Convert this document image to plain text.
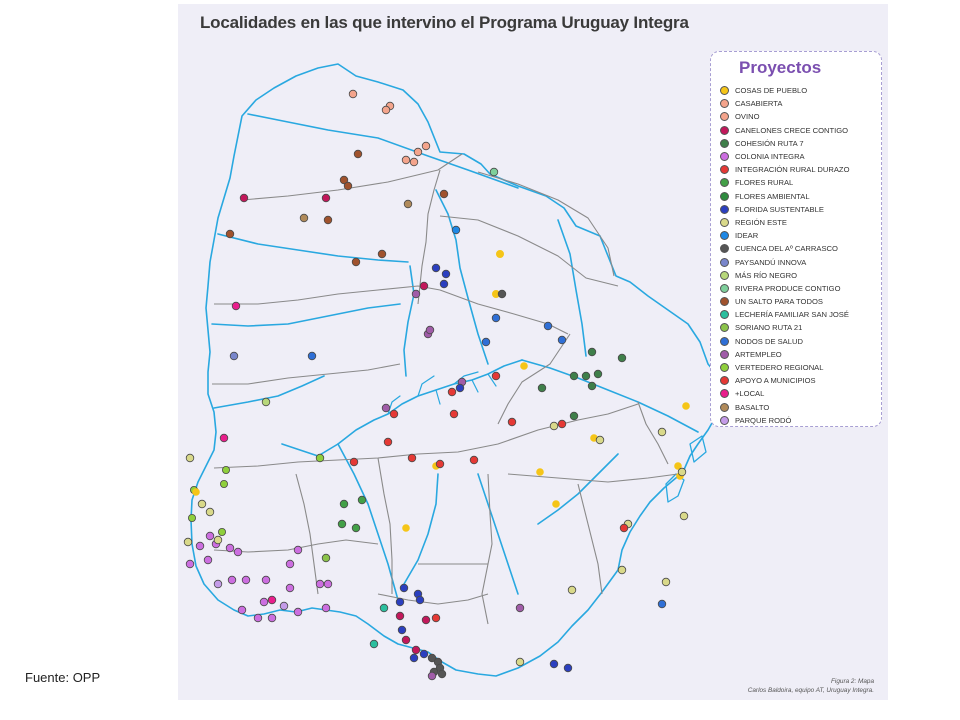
Localidades en las que intervino el Programa Uruguay Integra
Proyectos
COSAS DE PUEBLO
CASABIERTA
OVINO
CANELONES CRECE CONTIGO
COHESIÓN RUTA 7
COLONIA INTEGRA
INTEGRACIÓN RURAL DURAZO
FLORES RURAL
FLORES AMBIENTAL
FLORIDA SUSTENTABLE
REGIÓN ESTE
IDEAR
CUENCA DEL Aº CARRASCO
PAYSANDÚ INNOVA
MÁS RÍO NEGRO
RIVERA PRODUCE CONTIGO
UN SALTO PARA TODOS
LECHERÍA FAMILIAR SAN JOSÉ
SORIANO RUTA 21
NODOS DE SALUD
ARTEMPLEO
VERTEDERO REGIONAL
APOYO A MUNICIPIOS
+LOCAL
BASALTO
PARQUE RODÓ
Figura 2: Mapa
Carlos Baldoira, equipo AT, Uruguay Integra.
Fuente: OPP
